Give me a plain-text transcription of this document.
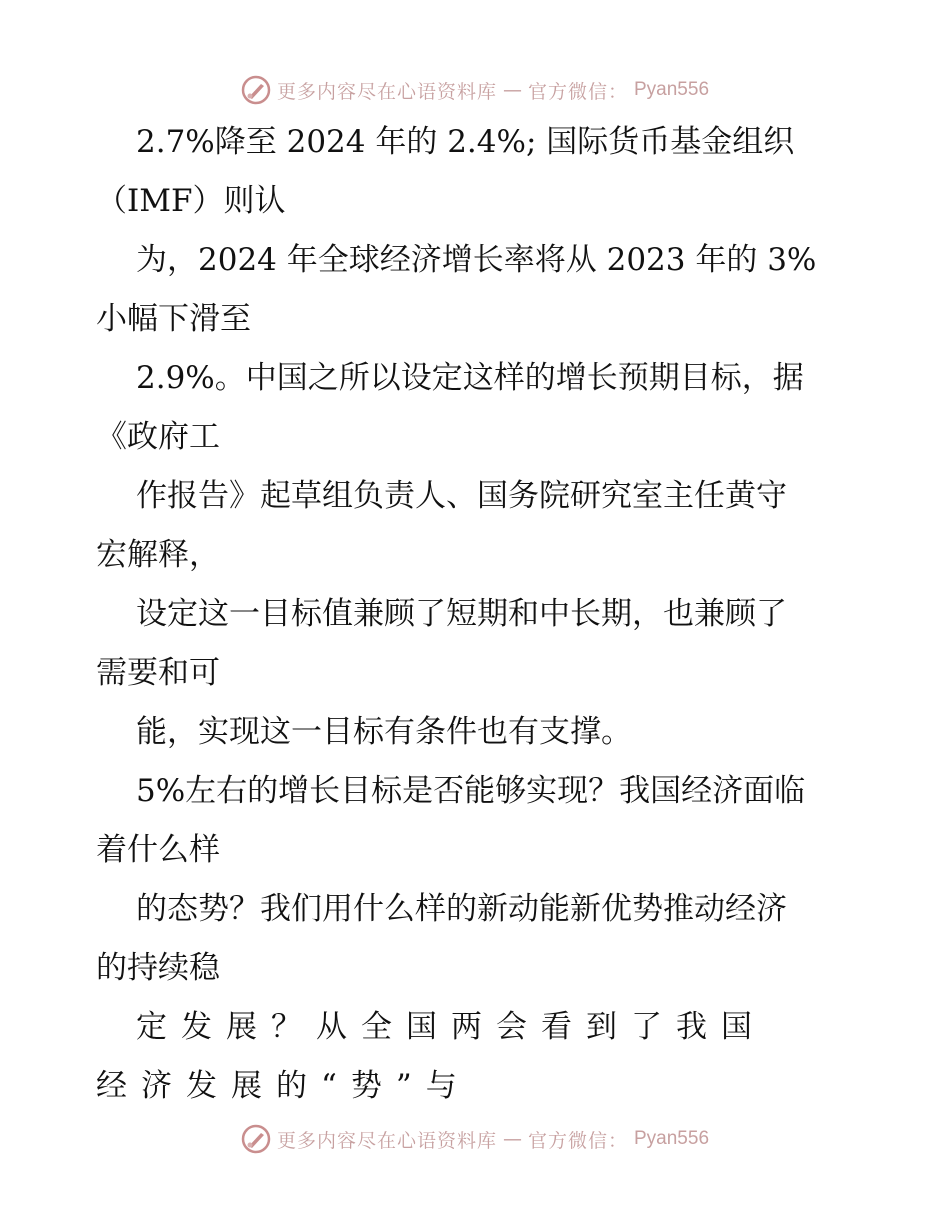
更多内容尽在心语资料库 — 官方微信： Pyan556
2.7%降至 2024 年的 2.4%; 国际货币基金组织
（IMF）则认
为，2024 年全球经济增长率将从 2023 年的 3%
小幅下滑至
2.9%。中国之所以设定这样的增长预期目标，据
《政府工
作报告》起草组负责人、国务院研究室主任黄守
宏解释，
设定这一目标值兼顾了短期和中长期，也兼顾了
需要和可
能，实现这一目标有条件也有支撑。
5%左右的增长目标是否能够实现？我国经济面临
着什么样
的态势？我们用什么样的新动能新优势推动经济
的持续稳
定发展？从全国两会看到了我国
经济发展的“势”与
更多内容尽在心语资料库 — 官方微信： Pyan556
